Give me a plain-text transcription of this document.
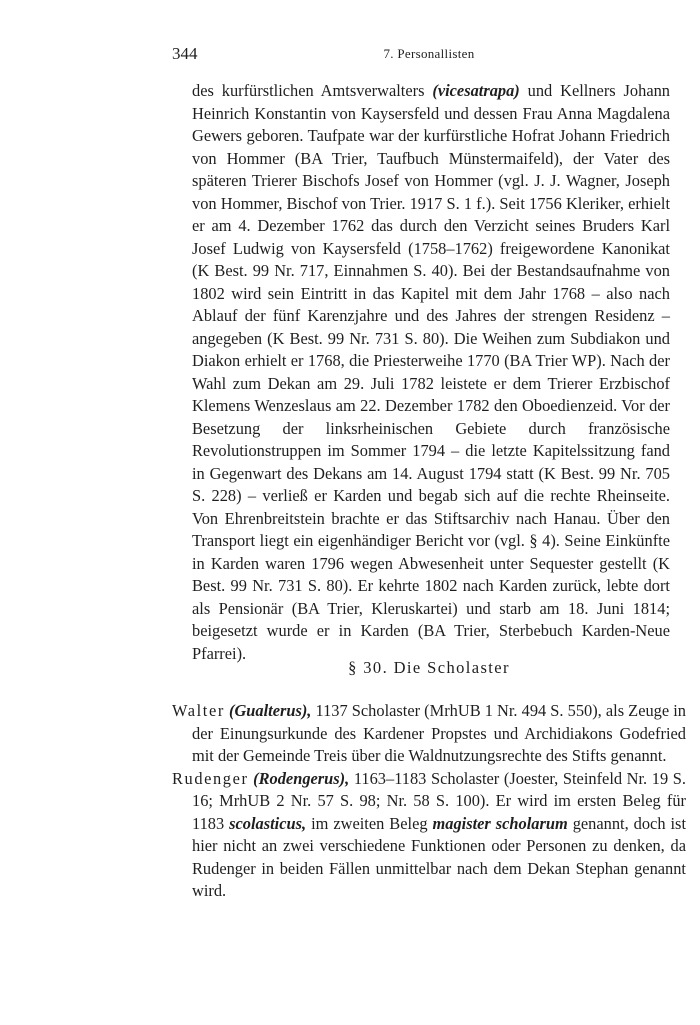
344	7. Personallisten

des kurfürstlichen Amtsverwalters (vicesatrapa) und Kellners Johann Heinrich Konstantin von Kaysersfeld und dessen Frau Anna Magdalena Gewers geboren. Taufpate war der kurfürstliche Hofrat Johann Friedrich von Hommer (BA Trier, Taufbuch Münstermaifeld), der Vater des späteren Trierer Bischofs Josef von Hommer (vgl. J. J. Wagner, Joseph von Hommer, Bischof von Trier. 1917 S. 1 f.). Seit 1756 Kleriker, erhielt er am 4. Dezember 1762 das durch den Verzicht seines Bruders Karl Josef Ludwig von Kaysersfeld (1758–1762) freigewordene Kanonikat (K Best. 99 Nr. 717, Einnahmen S. 40). Bei der Bestandsaufnahme von 1802 wird sein Eintritt in das Kapitel mit dem Jahr 1768 – also nach Ablauf der fünf Karenzjahre und des Jahres der strengen Residenz – angegeben (K Best. 99 Nr. 731 S. 80). Die Weihen zum Subdiakon und Diakon erhielt er 1768, die Priesterweihe 1770 (BA Trier WP). Nach der Wahl zum Dekan am 29. Juli 1782 leistete er dem Trierer Erzbischof Klemens Wenzeslaus am 22. Dezember 1782 den Oboedienzeid. Vor der Besetzung der linksrheinischen Gebiete durch französische Revolutionstruppen im Sommer 1794 – die letzte Kapitelssitzung fand in Gegenwart des Dekans am 14. August 1794 statt (K Best. 99 Nr. 705 S. 228) – verließ er Karden und begab sich auf die rechte Rheinseite. Von Ehrenbreitstein brachte er das Stiftsarchiv nach Hanau. Über den Transport liegt ein eigenhändiger Bericht vor (vgl. § 4). Seine Einkünfte in Karden waren 1796 wegen Abwesenheit unter Sequester gestellt (K Best. 99 Nr. 731 S. 80). Er kehrte 1802 nach Karden zurück, lebte dort als Pensionär (BA Trier, Kleruskartei) und starb am 18. Juni 1814; beigesetzt wurde er in Karden (BA Trier, Sterbebuch Karden-Neue Pfarrei).

§ 30. Die Scholaster

Walter (Gualterus), 1137 Scholaster (MrhUB 1 Nr. 494 S. 550), als Zeuge in der Einungsurkunde des Kardener Propstes und Archidiakons Godefried mit der Gemeinde Treis über die Waldnutzungsrechte des Stifts genannt.

Rudenger (Rodengerus), 1163–1183 Scholaster (Joester, Steinfeld Nr. 19 S. 16; MrhUB 2 Nr. 57 S. 98; Nr. 58 S. 100). Er wird im ersten Beleg für 1183 scolasticus, im zweiten Beleg magister scholarum genannt, doch ist hier nicht an zwei verschiedene Funktionen oder Personen zu denken, da Rudenger in beiden Fällen unmittelbar nach dem Dekan Stephan genannt wird.
